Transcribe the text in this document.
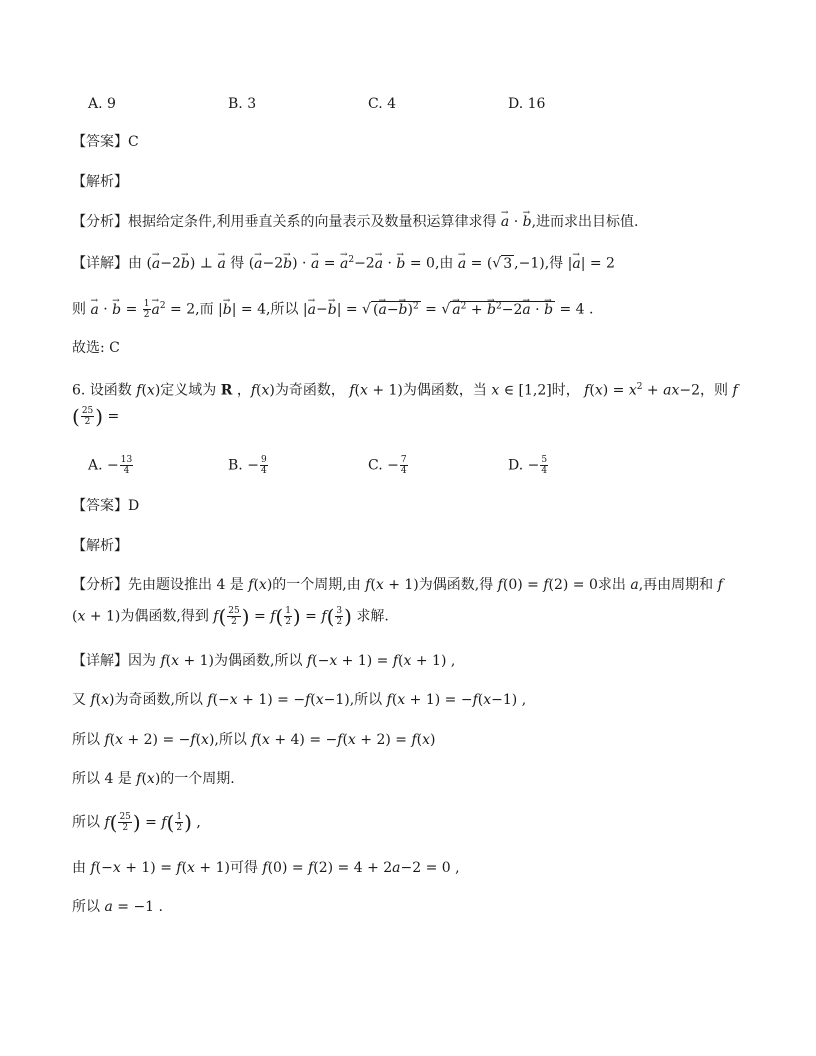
A. 9	B. 3	C. 4	D. 16
【答案】C
【解析】
【分析】根据给定条件,利用垂直关系的向量表示及数量积运算律求得 → a · → b,进而求出目标值.
【详解】由 (→ a−2→ b) ⊥ → a 得 (→ a−2→ b) · → a = → $a^2-2\to a$ · → b = 0,由 → a = (√ 3 ,−1),得 |→ a| = 2
则 → a · → $b = \frac{1}{2}$
→ $a^2 = 2$,而 |→ b| = 4,所以 |→ a−→ b| = √ (→ a−→ b)$^2$ = √→ $a^2$ + → $b^2-2\to a$ · → b = 4 .
故选: C
6. 设函数 f(x)定义域为 R ，f(x)为奇函数， f(x + 1)为偶函数，当 x ∈ [1,2]时， $f(x) = x^2 + ax-2$，则 f
( $\frac{25}{2}$ ) =
A. − $\frac{13}{4}$	B. − $\frac{9}{4}$	C. − $\frac{7}{4}$	D. − $\frac{5}{4}$
【答案】D
【解析】
【分析】先由题设推出 4 是 f(x)的一个周期,由 f(x + 1)为偶函数,得 f(0) = f(2) = 0求出 a,再由周期和 f
(x + 1)为偶函数,得到 $f( \frac{25}{2}$ ) = $f( \frac{1}{2}$ ) = $f( \frac{3}{2}$ ) 求解.
【详解】因为 f(x + 1)为偶函数,所以 f(−x + 1) = f(x + 1) ,
又 f(x)为奇函数,所以 f(−x + 1) = −f(x−1),所以 f(x + 1) = −f(x−1) ,
所以 f(x + 2) = −f(x),所以 f(x + 4) = −f(x + 2) = f(x)
所以 4 是 f(x)的一个周期.
所以 $f( \frac{25}{2}$ ) = $f( \frac{1}{2}$ ) ,
由 f(−x + 1) = f(x + 1)可得 f(0) = f(2) = 4 + 2a−2 = 0 ,
所以 a = −1 .
